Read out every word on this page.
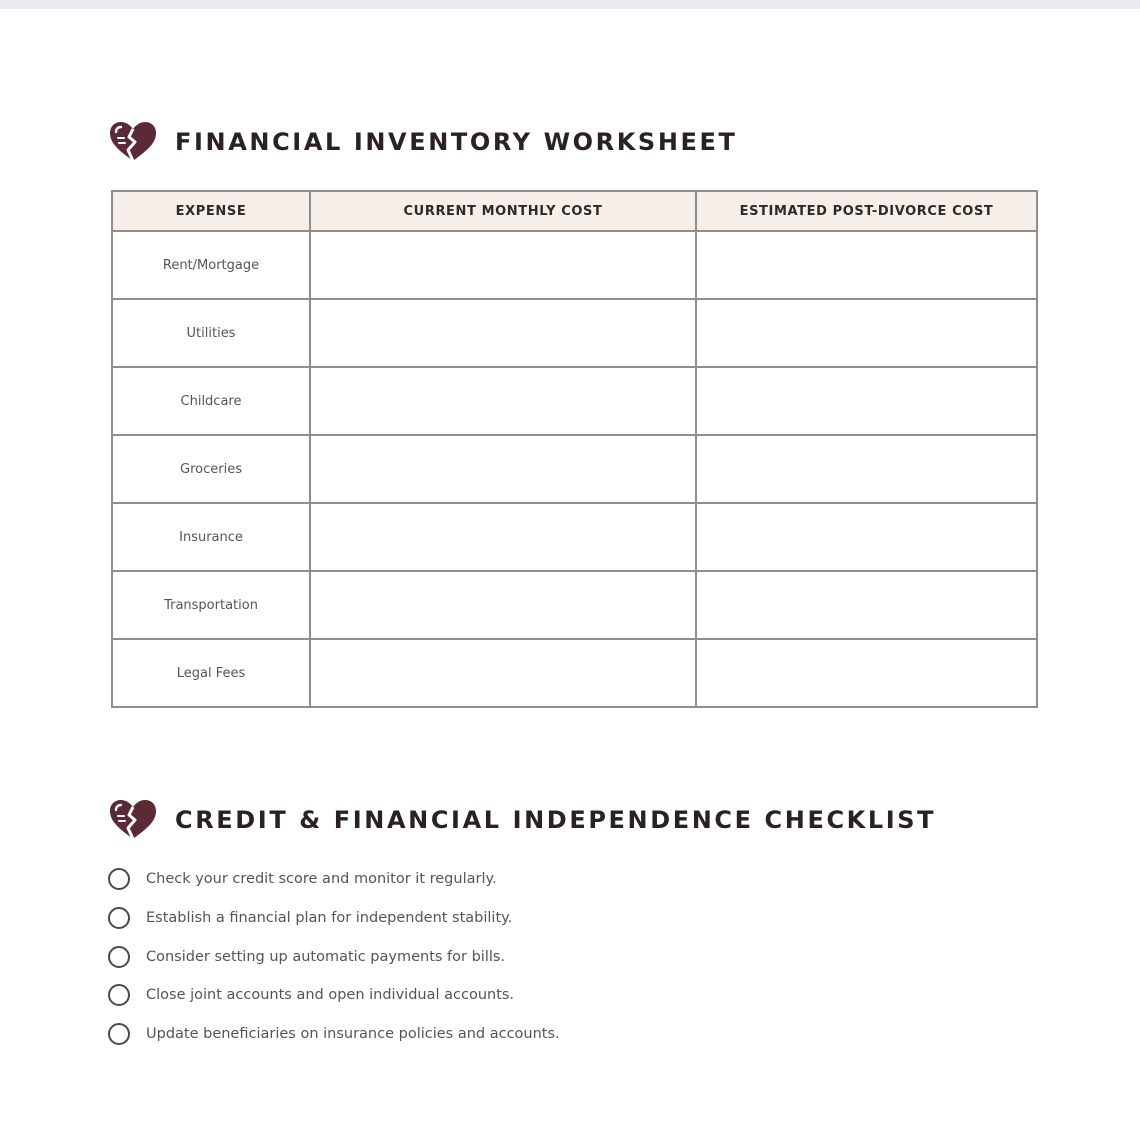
FINANCIAL INVENTORY WORKSHEET
EXPENSE	CURRENT MONTHLY COST	ESTIMATED POST-DIVORCE COST
Rent/Mortgage		
Utilities		
Childcare		
Groceries		
Insurance		
Transportation		
Legal Fees		
CREDIT & FINANCIAL INDEPENDENCE CHECKLIST
Check your credit score and monitor it regularly.
Establish a financial plan for independent stability.
Consider setting up automatic payments for bills.
Close joint accounts and open individual accounts.
Update beneficiaries on insurance policies and accounts.
